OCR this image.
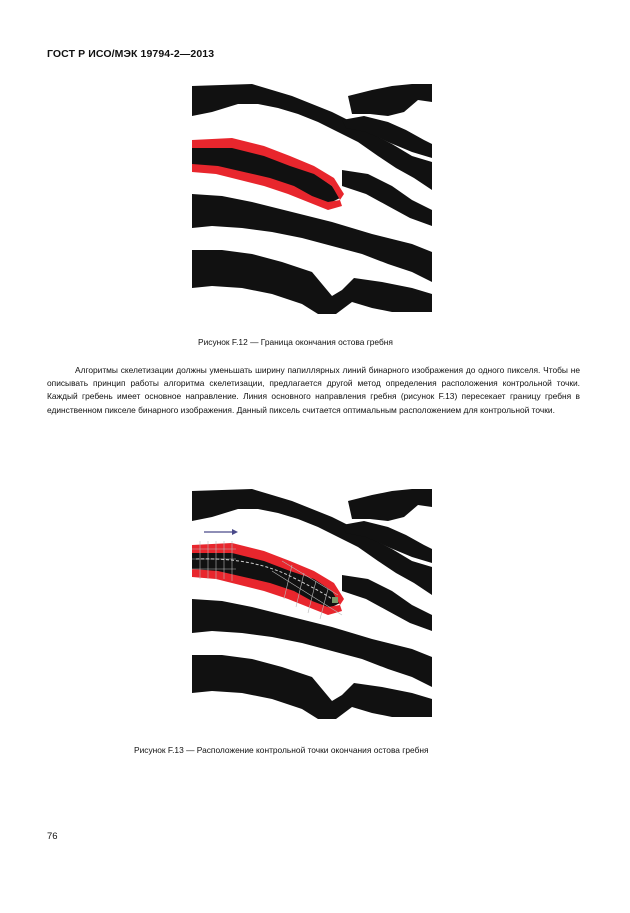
ГОСТ Р ИСО/МЭК 19794-2—2013
Рисунок F.12 — Граница окончания остова гребня
Алгоритмы скелетизации должны уменьшать ширину папиллярных линий бинарного изображения до одного пикселя. Чтобы не описывать принцип работы алгоритма скелетизации, предлагается другой метод определения расположения контрольной точки. Каждый гребень имеет основное направление. Линия основного направления гребня (рисунок F.13) пересекает границу гребня в единственном пикселе бинарного изображения. Данный пиксель считается оптимальным расположением для контрольной точки.
Рисунок F.13 — Расположение контрольной точки окончания остова гребня
76
